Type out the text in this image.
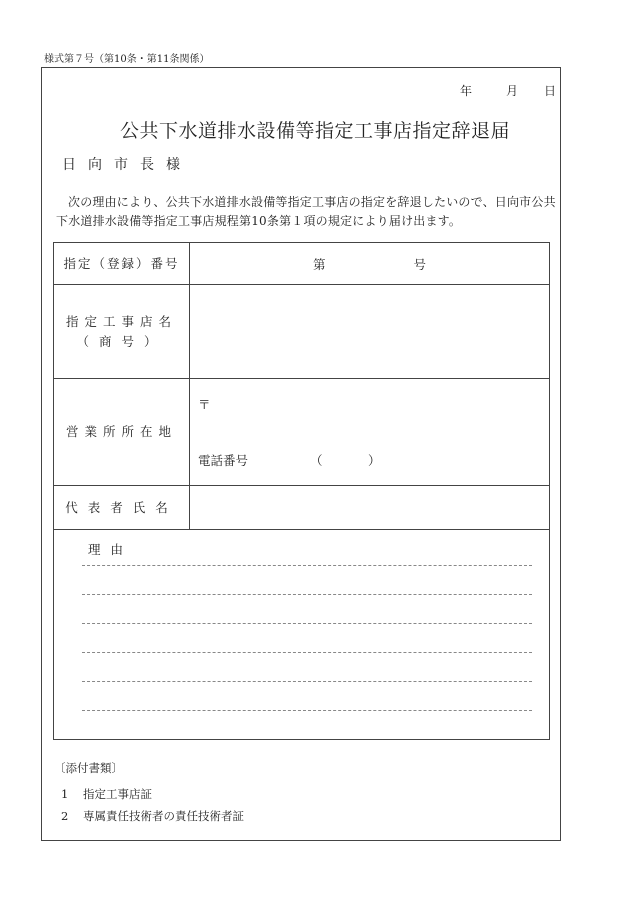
様式第７号（第10条・第11条関係）
年	月 日
公共下水道排水設備等指定工事店指定辞退届
日向市長様
次の理由により、公共下水道排水設備等指定工事店の指定を辞退したいので、日向市公共下水道排水設備等指定工事店規程第10条第１項の規定により届け出ます。
指定（登録）番号	第 号

指定工事店名
（商号）	

営業所所在地	〒
電話番号 （ ）

代表者氏名	

理由	
〔添付書類〕
1 指定工事店証
2 専属責任技術者の責任技術者証
